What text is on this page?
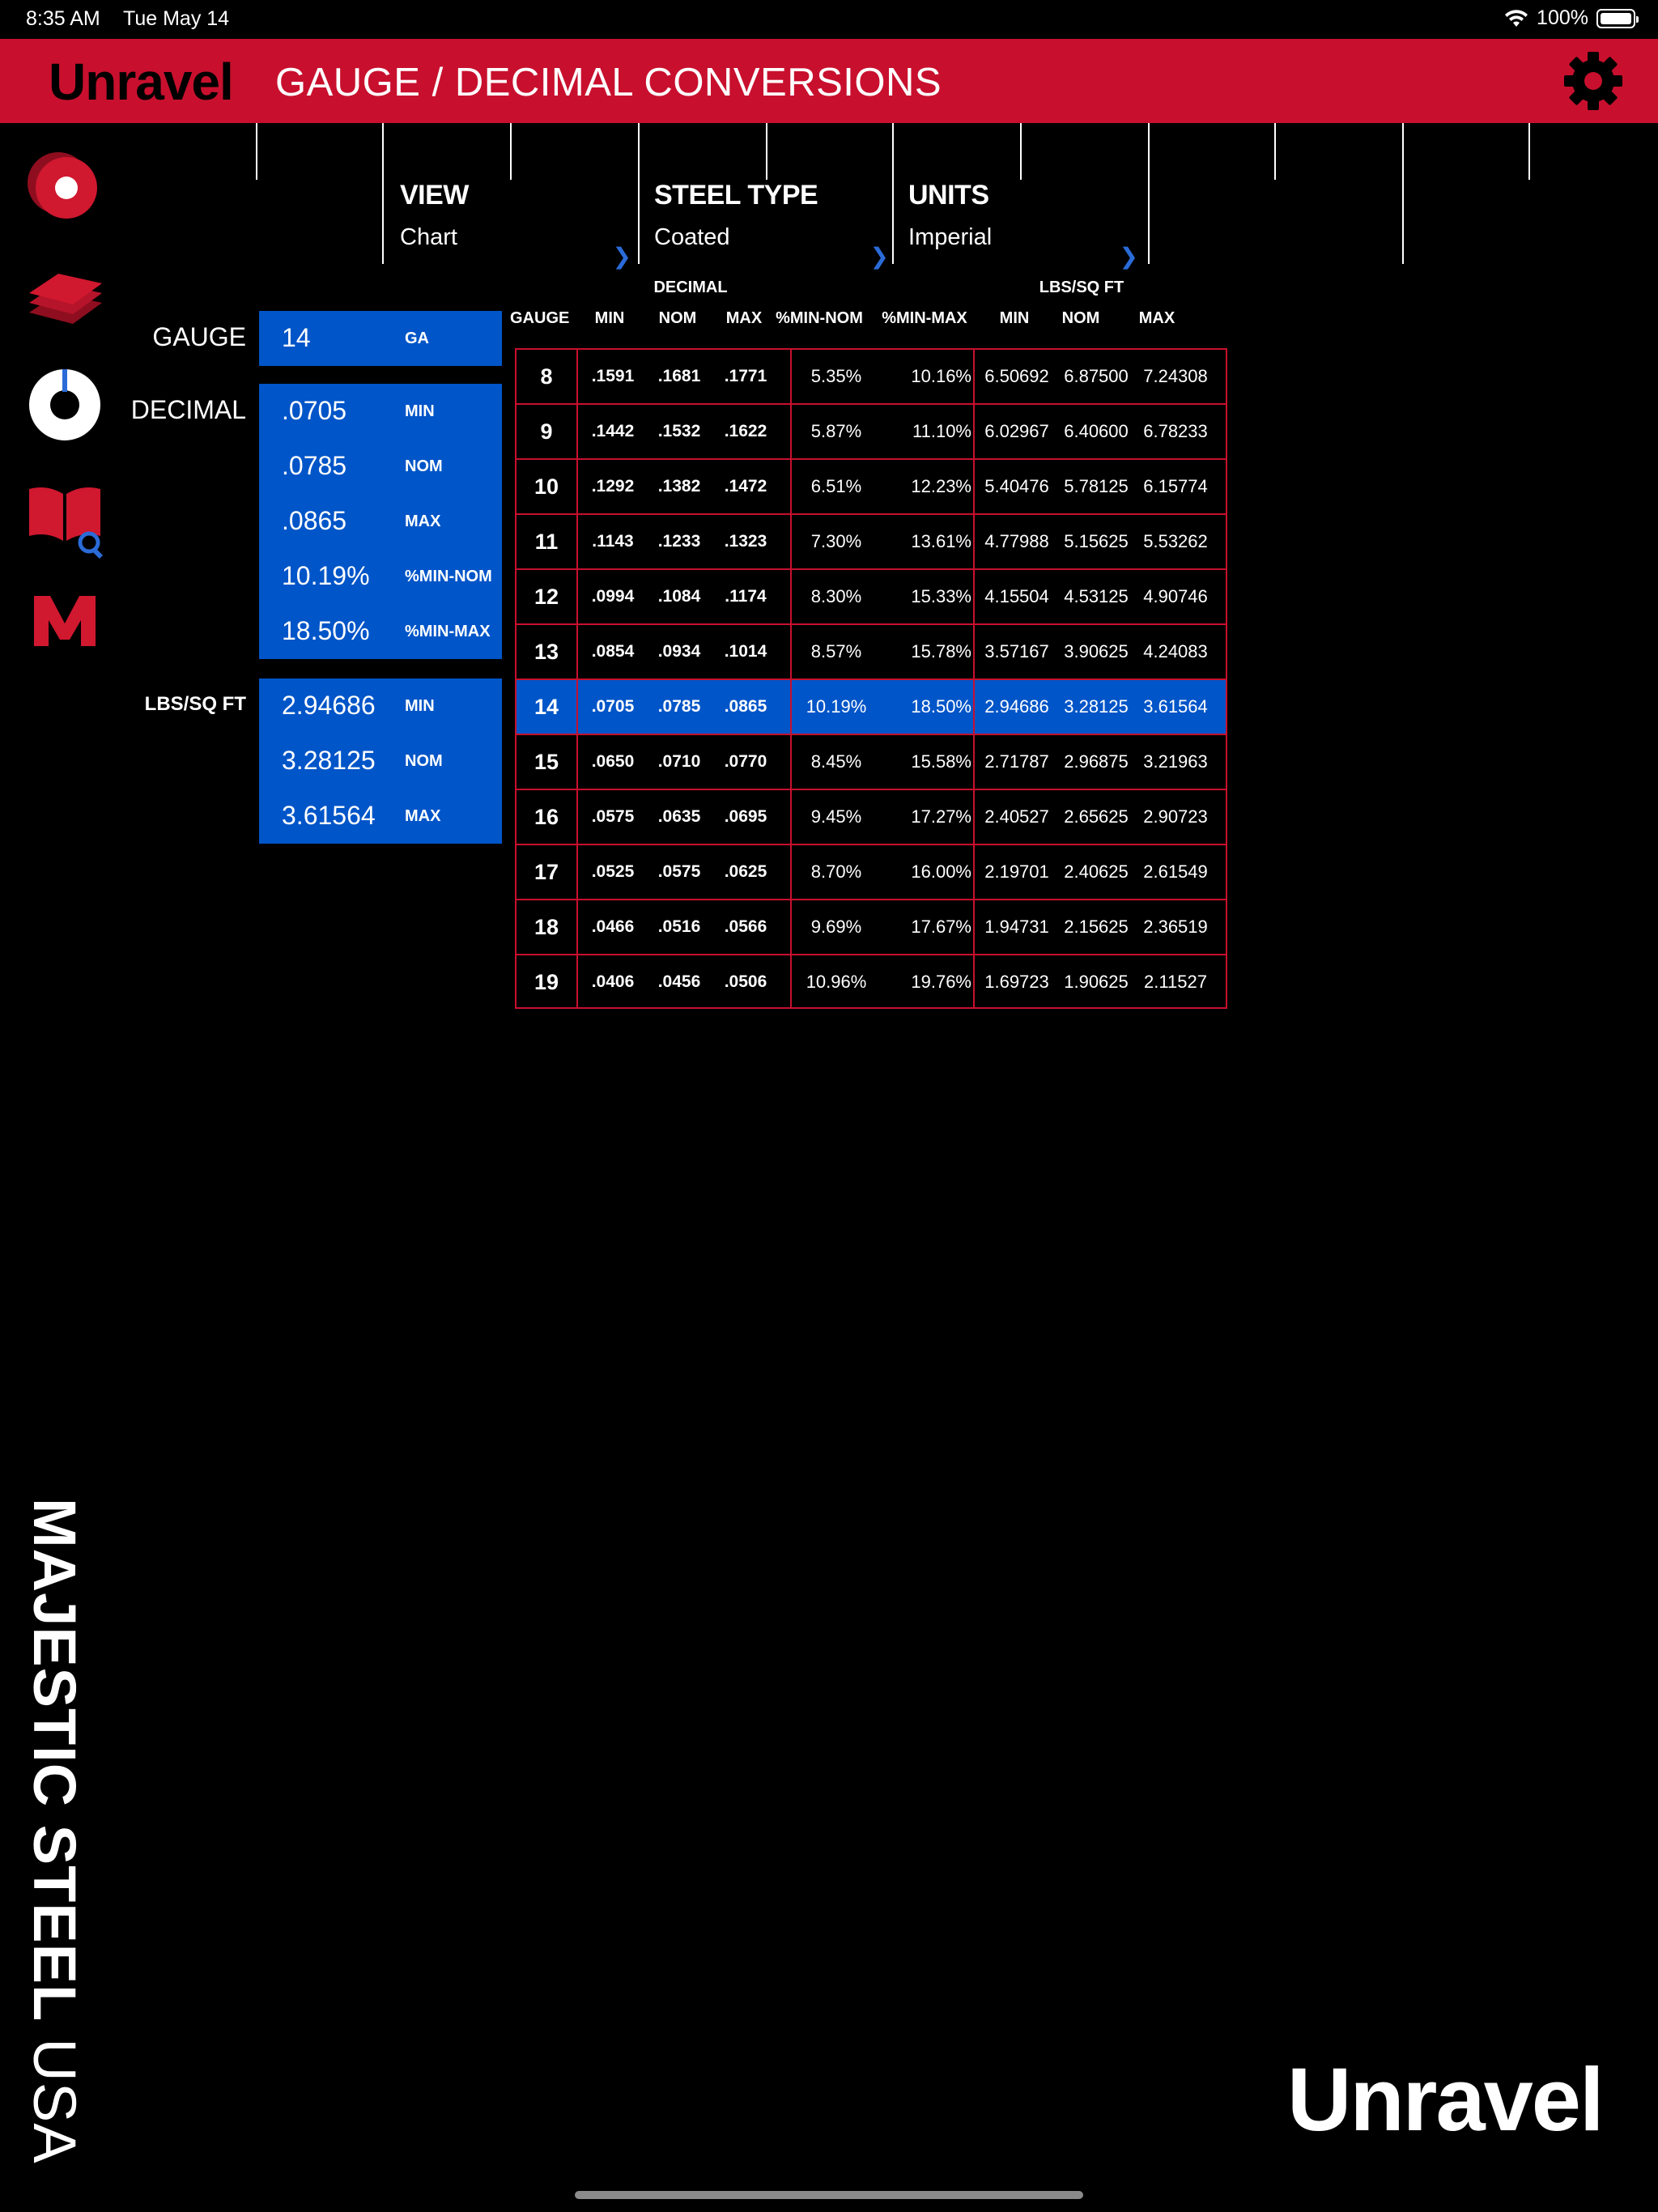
8:35 AM Tue May 14	100%
Unravel GAUGE / DECIMAL CONVERSIONS
VIEW
Chart
❯
STEEL TYPE
Coated
❯
UNITS
Imperial
❯
GAUGE 14	GA
DECIMAL .0705	MIN
.0785	NOM
.0865	MAX
10.19% %MIN-NOM
18.50% %MIN-MAX
LBS/SQ FT 2.94686 MIN
3.28125 NOM
3.61564 MAX
DECIMAL	LBS/SQ FT
GAUGE	MIN	NOM	MAX %MIN-NOM %MIN-MAX	MIN	NOM	MAX
8	.1591	.1681	.1771	5.35%	10.16% 6.50692 6.87500 7.24308
9	.1442	.1532	.1622	5.87%	11.10% 6.02967 6.40600 6.78233
10	.1292	.1382	.1472	6.51%	12.23% 5.40476 5.78125 6.15774
11	.1143	.1233	.1323	7.30%	13.61% 4.77988 5.15625 5.53262
12	.0994	.1084	.1174	8.30%	15.33% 4.15504 4.53125 4.90746
13	.0854	.0934	.1014	8.57%	15.78% 3.57167 3.90625 4.24083
14	.0705	.0785	.0865	10.19%	18.50% 2.94686 3.28125 3.61564
15	.0650	.0710	.0770	8.45%	15.58% 2.71787 2.96875 3.21963
16	.0575	.0635	.0695	9.45%	17.27% 2.40527 2.65625 2.90723
17	.0525	.0575	.0625	8.70%	16.00% 2.19701 2.40625 2.61549
18	.0466	.0516	.0566	9.69%	17.67% 1.94731 2.15625 2.36519
19	.0406	.0456	.0506	10.96%	19.76% 1.69723 1.90625 2.11527
MAJESTIC STEEL USA	Unravel
